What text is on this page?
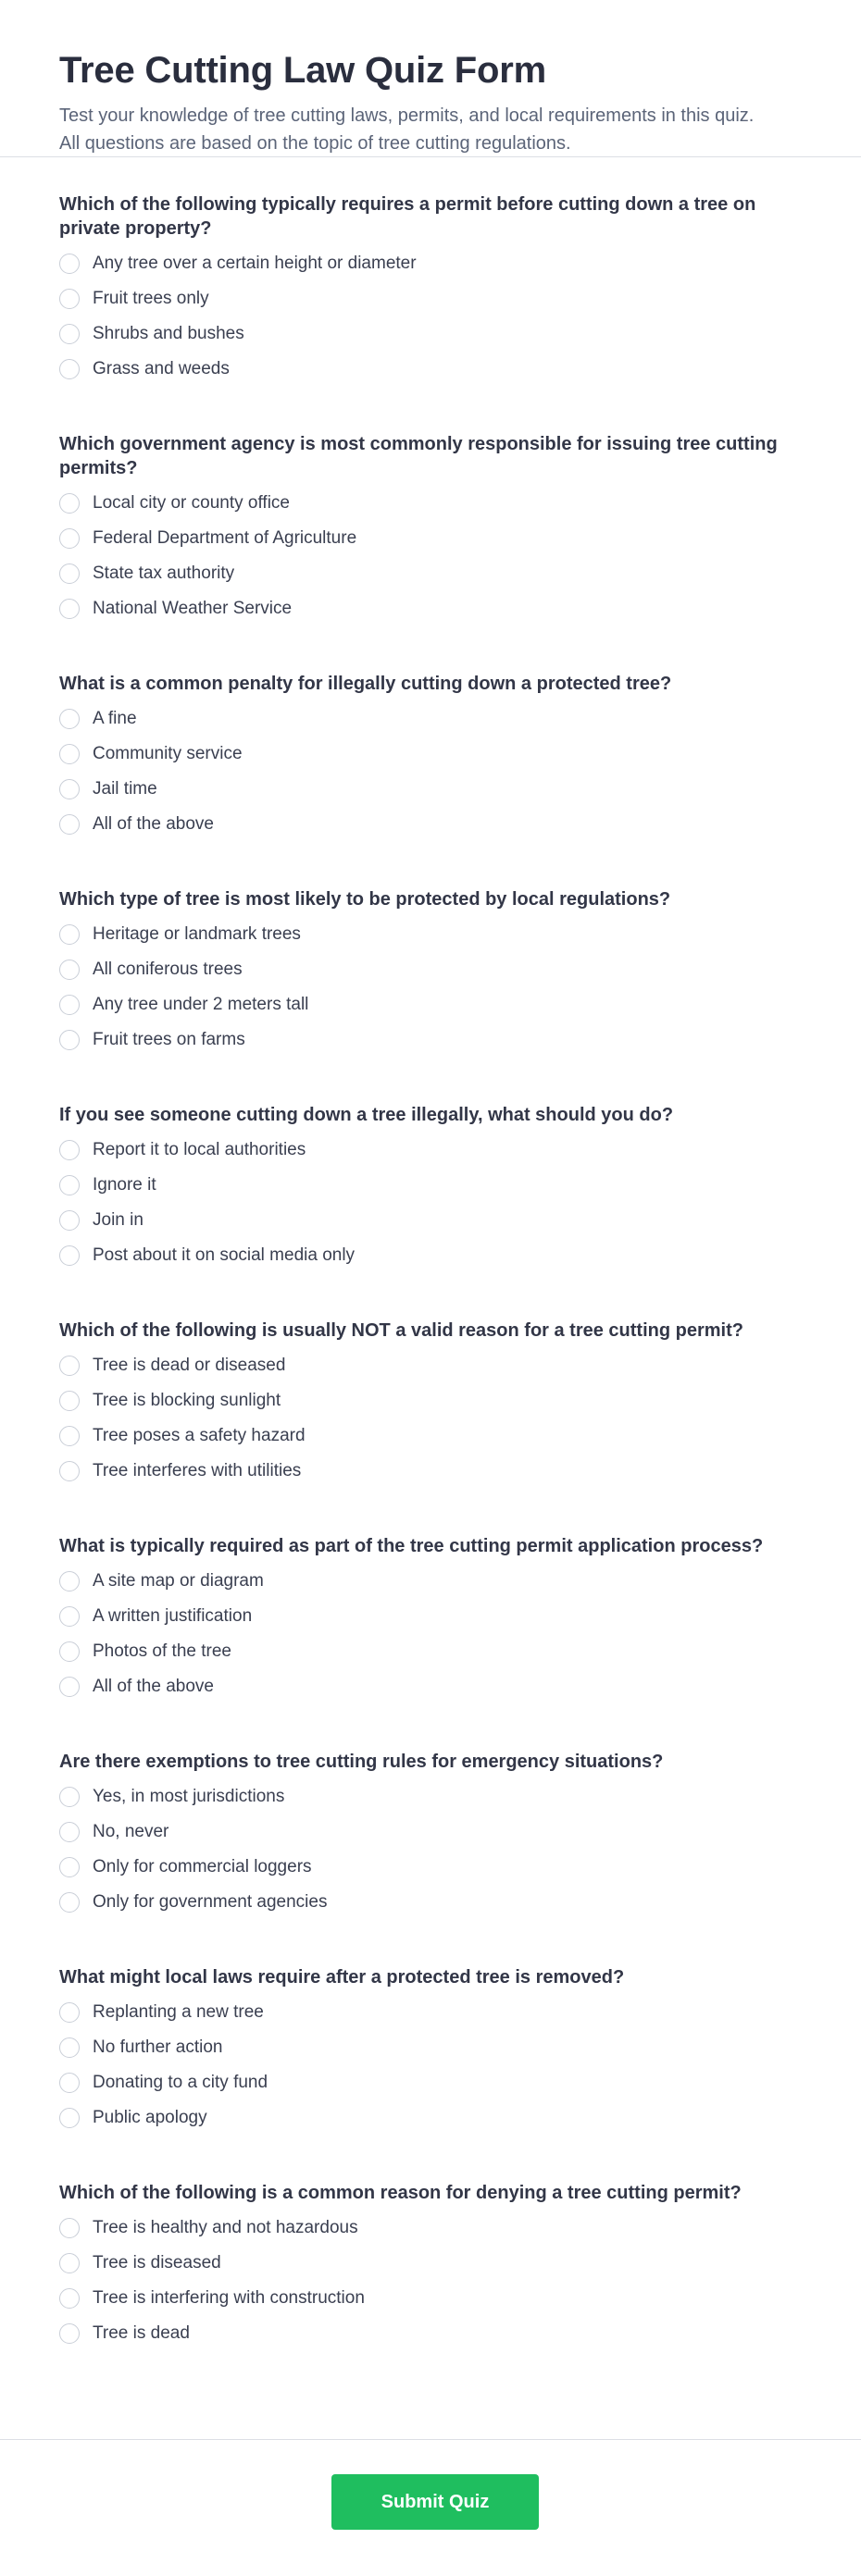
Tree Cutting Law Quiz Form

Test your knowledge of tree cutting laws, permits, and local requirements in this quiz. All questions are based on the topic of tree cutting regulations.

Which of the following typically requires a permit before cutting down a tree on private property?

Any tree over a certain height or diameter
Fruit trees only
Shrubs and bushes
Grass and weeds

Which government agency is most commonly responsible for issuing tree cutting permits?

Local city or county office
Federal Department of Agriculture
State tax authority
National Weather Service

What is a common penalty for illegally cutting down a protected tree?

A fine
Community service
Jail time
All of the above

Which type of tree is most likely to be protected by local regulations?

Heritage or landmark trees
All coniferous trees
Any tree under 2 meters tall
Fruit trees on farms

If you see someone cutting down a tree illegally, what should you do?

Report it to local authorities
Ignore it
Join in
Post about it on social media only

Which of the following is usually NOT a valid reason for a tree cutting permit?

Tree is dead or diseased
Tree is blocking sunlight
Tree poses a safety hazard
Tree interferes with utilities

What is typically required as part of the tree cutting permit application process?

A site map or diagram
A written justification
Photos of the tree
All of the above

Are there exemptions to tree cutting rules for emergency situations?

Yes, in most jurisdictions
No, never
Only for commercial loggers
Only for government agencies

What might local laws require after a protected tree is removed?

Replanting a new tree
No further action
Donating to a city fund
Public apology

Which of the following is a common reason for denying a tree cutting permit?

Tree is healthy and not hazardous
Tree is diseased
Tree is interfering with construction
Tree is dead
Submit Quiz
